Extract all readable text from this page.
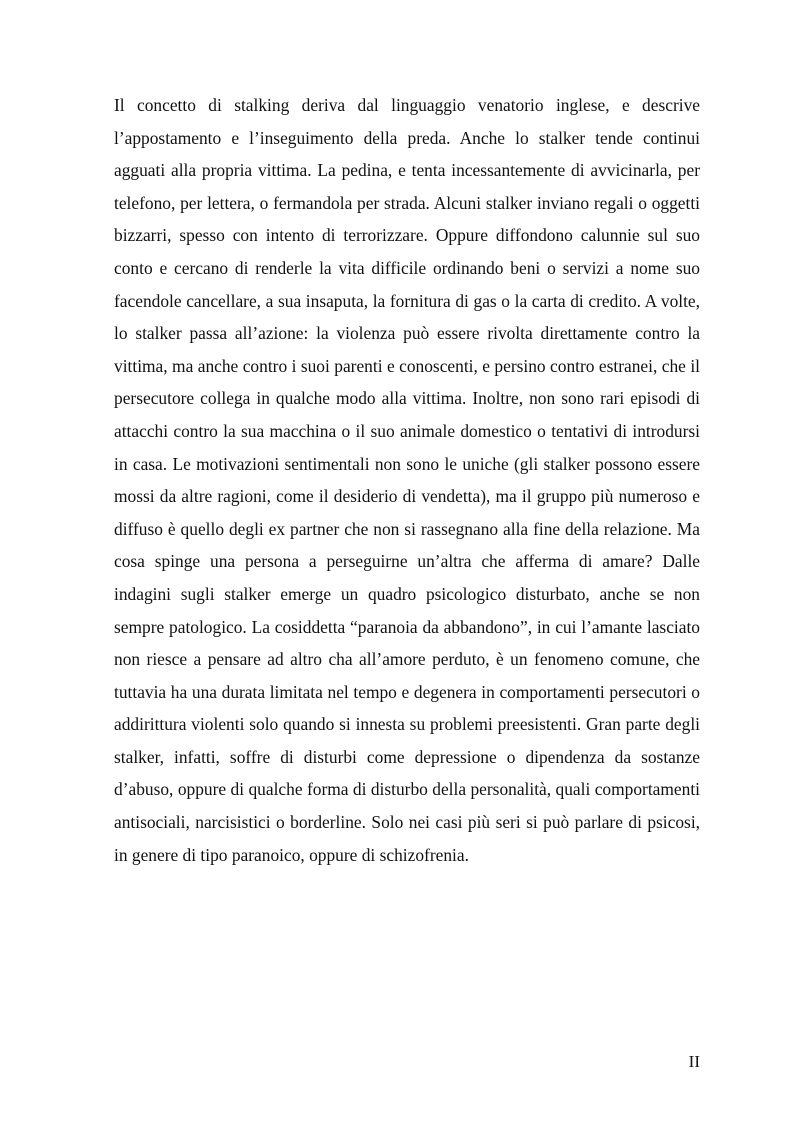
Il concetto di stalking deriva dal linguaggio venatorio inglese, e descrive l’appostamento e l’inseguimento della preda. Anche lo stalker tende continui agguati alla propria vittima. La pedina, e tenta incessantemente di avvicinarla, per telefono, per lettera, o fermandola per strada. Alcuni stalker inviano regali o oggetti bizzarri, spesso con intento di terrorizzare. Oppure diffondono calunnie sul suo conto e cercano di renderle la vita difficile ordinando beni o servizi a nome suo facendole cancellare, a sua insaputa, la fornitura di gas o la carta di credito. A volte, lo stalker passa all’azione: la violenza può essere rivolta direttamente contro la vittima, ma anche contro i suoi parenti e conoscenti, e persino contro estranei, che il persecutore collega in qualche modo alla vittima. Inoltre, non sono rari episodi di attacchi contro la sua macchina o il suo animale domestico o tentativi di introdursi in casa. Le motivazioni sentimentali non sono le uniche (gli stalker possono essere mossi da altre ragioni, come il desiderio di vendetta), ma il gruppo più numeroso e diffuso è quello degli ex partner che non si rassegnano alla fine della relazione. Ma cosa spinge una persona a perseguirne un’altra che afferma di amare? Dalle indagini sugli stalker emerge un quadro psicologico disturbato, anche se non sempre patologico. La cosiddetta “paranoia da abbandono”, in cui l’amante lasciato non riesce a pensare ad altro cha all’amore perduto, è un fenomeno comune, che tuttavia ha una durata limitata nel tempo e degenera in comportamenti persecutori o addirittura violenti solo quando si innesta su problemi preesistenti. Gran parte degli stalker, infatti, soffre di disturbi come depressione o dipendenza da sostanze d’abuso, oppure di qualche forma di disturbo della personalità, quali comportamenti antisociali, narcisistici o borderline. Solo nei casi più seri si può parlare di psicosi, in genere di tipo paranoico, oppure di schizofrenia.

II
